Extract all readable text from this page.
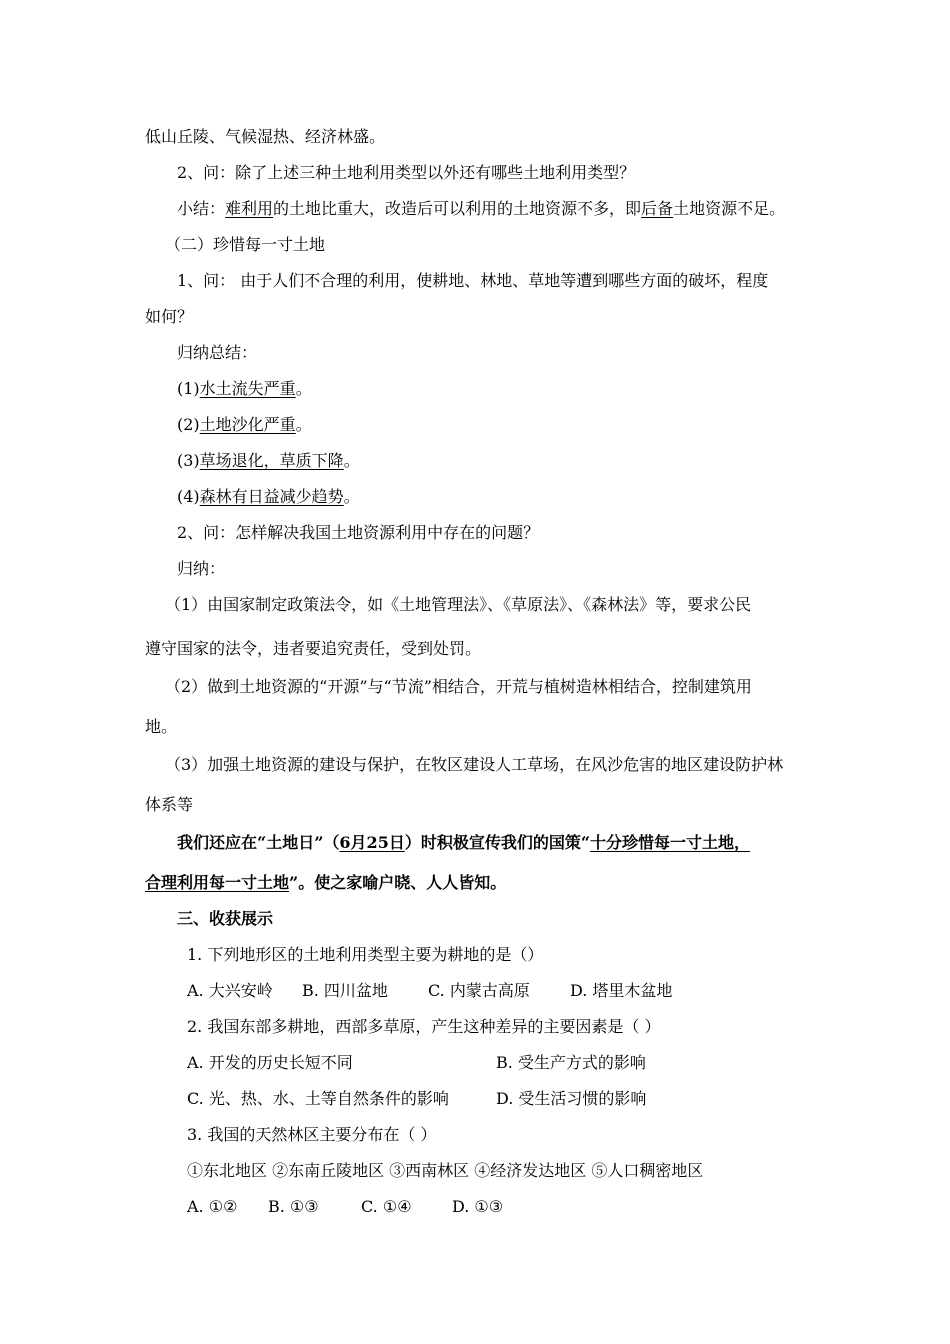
低山丘陵、气候湿热、经济林盛。
2、问：除了上述三种土地利用类型以外还有哪些土地利用类型？
小结：难利用的土地比重大，改造后可以利用的土地资源不多，即后备土地资源不足。
（二）珍惜每一寸土地
1、问： 由于人们不合理的利用，使耕地、林地、草地等遭到哪些方面的破坏，程度
如何？
归纳总结：
(1)水土流失严重。
(2)土地沙化严重。
(3)草场退化，草质下降。
(4)森林有日益减少趋势。
2、问：怎样解决我国土地资源利用中存在的问题？
归纳：
（1）由国家制定政策法令，如《土地管理法》、《草原法》、《森林法》等，要求公民
遵守国家的法令，违者要追究责任，受到处罚。
（2）做到土地资源的“开源”与“节流”相结合，开荒与植树造林相结合，控制建筑用
地。
（3）加强土地资源的建设与保护，在牧区建设人工草场，在风沙危害的地区建设防护林
体系等
我们还应在“土地日”（6月25日）时积极宣传我们的国策“十分珍惜每一寸土地，
合理利用每一寸土地”。使之家喻户晓、人人皆知。
三、收获展示
1. 下列地形区的土地利用类型主要为耕地的是（）
A. 大兴安岭 B. 四川盆地	C. 内蒙古高原	D. 塔里木盆地
2. 我国东部多耕地，西部多草原，产生这种差异的主要因素是（ ）
A. 开发的历史长短不同	B. 受生产方式的影响
C. 光、热、水、土等自然条件的影响	D. 受生活习惯的影响
3. 我国的天然林区主要分布在（ ）
①东北地区 ②东南丘陵地区 ③西南林区 ④经济发达地区 ⑤人口稠密地区
A. ①② B. ①③	C. ①④	D. ①③
